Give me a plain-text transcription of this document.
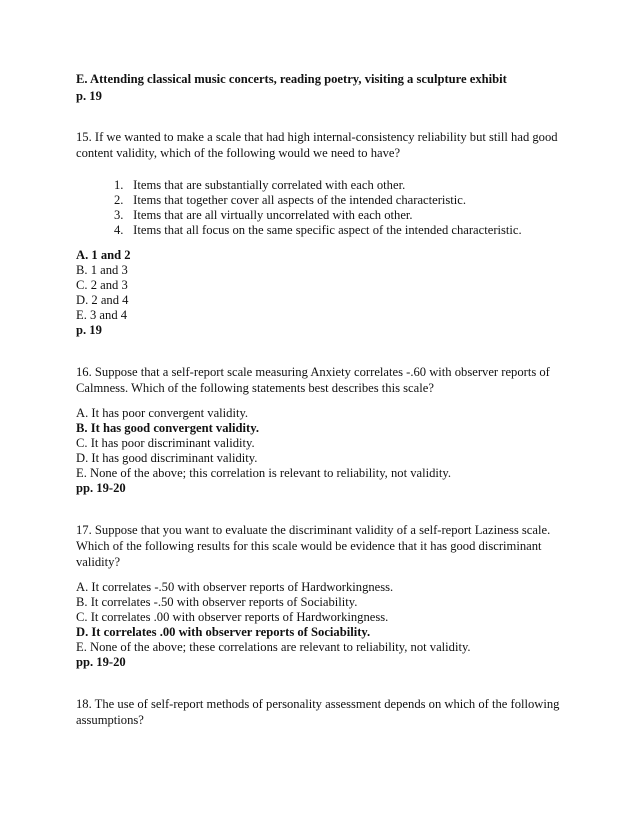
E. Attending classical music concerts, reading poetry, visiting a sculpture exhibit
p. 19
15. If we wanted to make a scale that had high internal-consistency reliability but still had good
content validity, which of the following would we need to have?
1. Items that are substantially correlated with each other.
2. Items that together cover all aspects of the intended characteristic.
3. Items that are all virtually uncorrelated with each other.
4. Items that all focus on the same specific aspect of the intended characteristic.
A. 1 and 2
B. 1 and 3
C. 2 and 3
D. 2 and 4
E. 3 and 4
p. 19
16. Suppose that a self-report scale measuring Anxiety correlates -.60 with observer reports of
Calmness. Which of the following statements best describes this scale?
A. It has poor convergent validity.
B. It has good convergent validity.
C. It has poor discriminant validity.
D. It has good discriminant validity.
E. None of the above; this correlation is relevant to reliability, not validity.
pp. 19-20
17. Suppose that you want to evaluate the discriminant validity of a self-report Laziness scale.
Which of the following results for this scale would be evidence that it has good discriminant
validity?
A. It correlates -.50 with observer reports of Hardworkingness.
B. It correlates -.50 with observer reports of Sociability.
C. It correlates .00 with observer reports of Hardworkingness.
D. It correlates .00 with observer reports of Sociability.
E. None of the above; these correlations are relevant to reliability, not validity.
pp. 19-20
18. The use of self-report methods of personality assessment depends on which of the following
assumptions?
